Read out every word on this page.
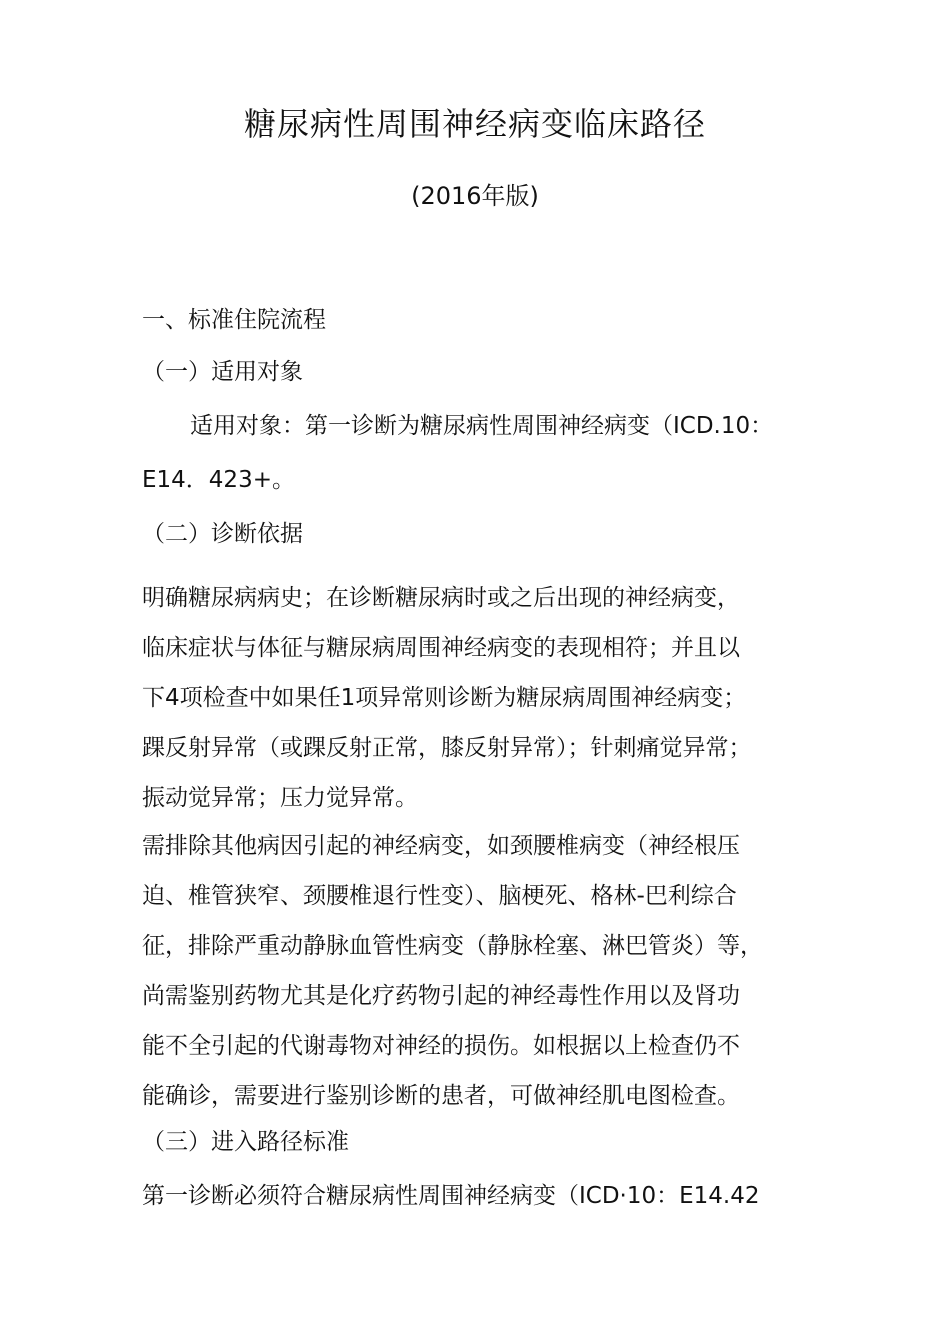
糖尿病性周围神经病变临床路径
(2016年版)
一、标准住院流程
（一）适用对象
适用对象：第一诊断为糖尿病性周围神经病变（ICD.10：
E14．423+。
（二）诊断依据
明确糖尿病病史；在诊断糖尿病时或之后出现的神经病变，
临床症状与体征与糖尿病周围神经病变的表现相符；并且以
下4项检查中如果任1项异常则诊断为糖尿病周围神经病变；
踝反射异常（或踝反射正常，膝反射异常）；针刺痛觉异常；
振动觉异常；压力觉异常。
需排除其他病因引起的神经病变，如颈腰椎病变（神经根压
迫、椎管狭窄、颈腰椎退行性变）、脑梗死、格林-巴利综合
征，排除严重动静脉血管性病变（静脉栓塞、淋巴管炎）等，
尚需鉴别药物尤其是化疗药物引起的神经毒性作用以及肾功
能不全引起的代谢毒物对神经的损伤。如根据以上检查仍不
能确诊，需要进行鉴别诊断的患者，可做神经肌电图检查。
（三）进入路径标准
第一诊断必须符合糖尿病性周围神经病变（ICD·10：E14.42
